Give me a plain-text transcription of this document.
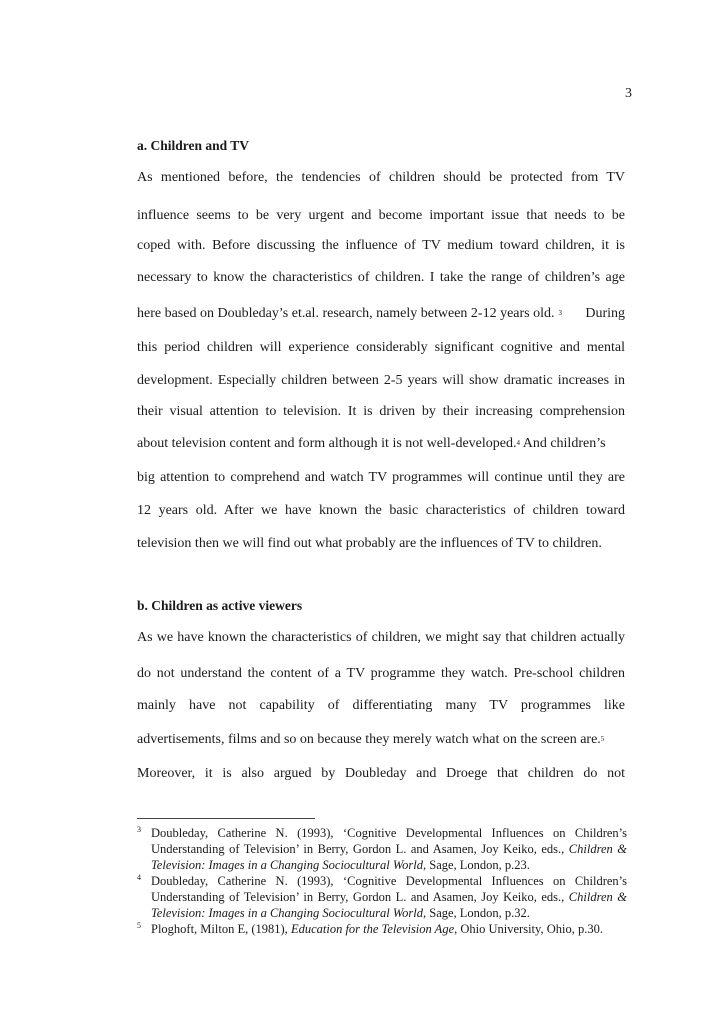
3
a. Children and TV
As mentioned before, the tendencies of children should be protected from TV
influence seems to be very urgent and become important issue that needs to be
coped with. Before discussing the influence of TV medium toward children, it is
necessary to know the characteristics of children. I take the range of children’s age
here based on Doubleday’s et.al. research, namely between 2-12 years old. $^3$ During
this period children will experience considerably significant cognitive and mental
development. Especially children between 2-5 years will show dramatic increases in
their visual attention to television. It is driven by their increasing comprehension
about television content and form although it is not well-developed.$^4$ And children’s
big attention to comprehend and watch TV programmes will continue until they are
12 years old. After we have known the basic characteristics of children toward
television then we will find out what probably are the influences of TV to children.
b. Children as active viewers
As we have known the characteristics of children, we might say that children actually
do not understand the content of a TV programme they watch. Pre-school children
mainly have not capability of differentiating many TV programmes like
advertisements, films and so on because they merely watch what on the screen are.$^5$
Moreover, it is also argued by Doubleday and Droege that children do not
3 Doubleday, Catherine N. (1993), ‘Cognitive Developmental Influences on Children’s
Understanding of Television’ in Berry, Gordon L. and Asamen, Joy Keiko, eds., Children &
Television: Images in a Changing Sociocultural World, Sage, London, p.23.
4 Doubleday, Catherine N. (1993), ‘Cognitive Developmental Influences on Children’s
Understanding of Television’ in Berry, Gordon L. and Asamen, Joy Keiko, eds., Children &
Television: Images in a Changing Sociocultural World, Sage, London, p.32.
5 Ploghoft, Milton E, (1981), Education for the Television Age, Ohio University, Ohio, p.30.
